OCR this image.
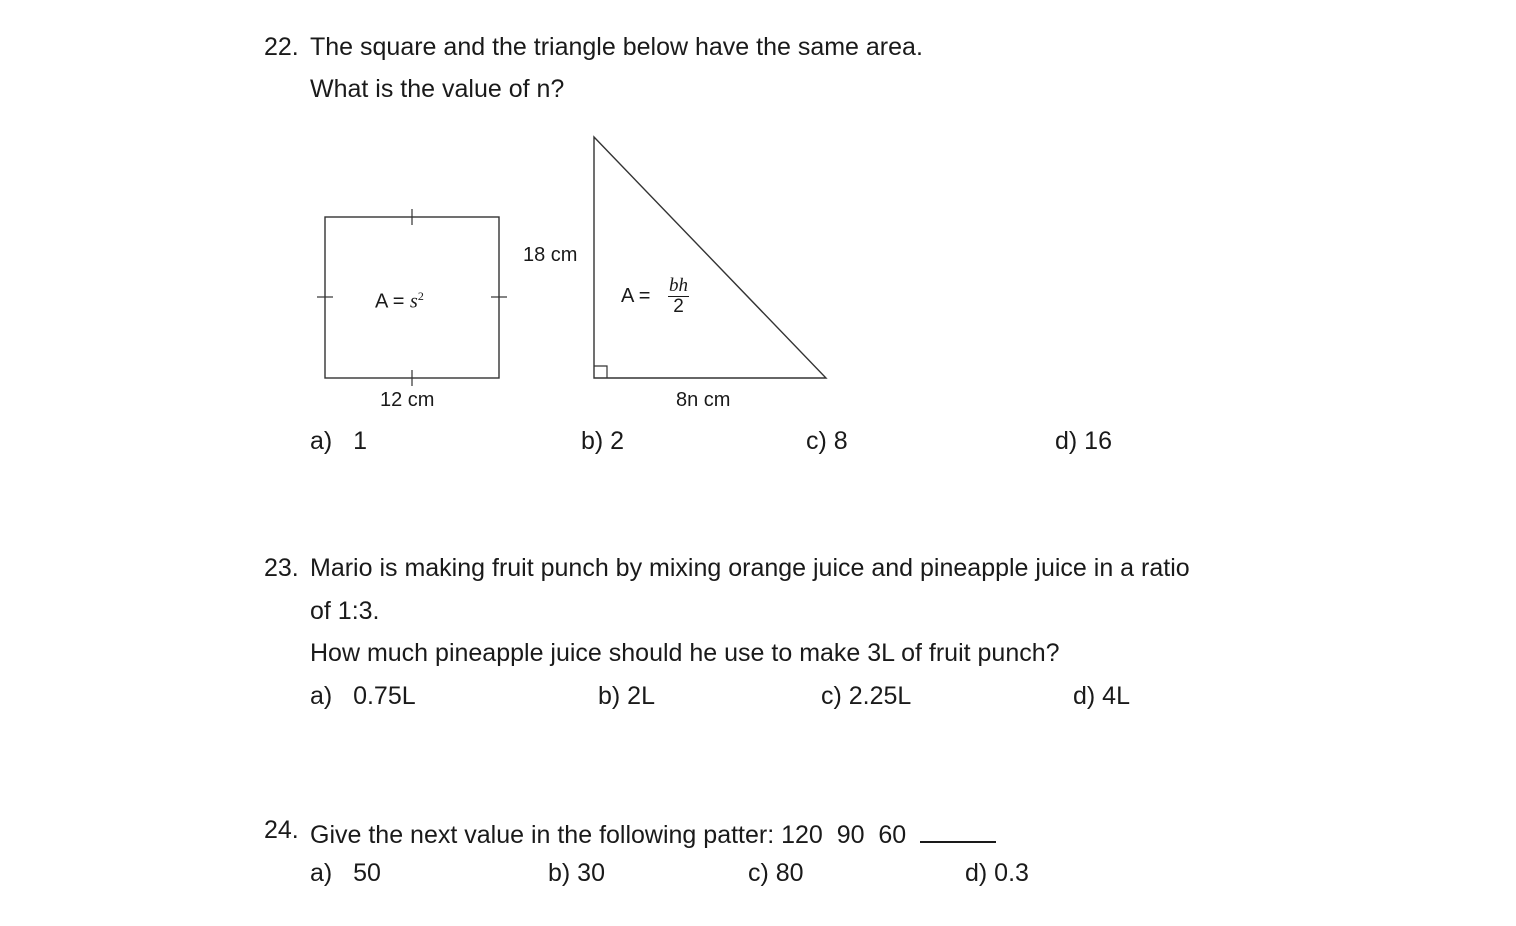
22. The square and the triangle below have the same area.
What is the value of n?
$A = s^2$
12 cm
18 cm
$A = \frac{bh}{2}$
8n cm
a)   1	b) 2	c) 8	d) 16
23. Mario is making fruit punch by mixing orange juice and pineapple juice in a ratio
of 1:3.
How much pineapple juice should he use to make 3L of fruit punch?
a)   0.75L	b) 2L	c) 2.25L	d) 4L
24. Give the next value in the following patter: 120  90  60
a)   50	b) 30	c) 80	d) 0.3
